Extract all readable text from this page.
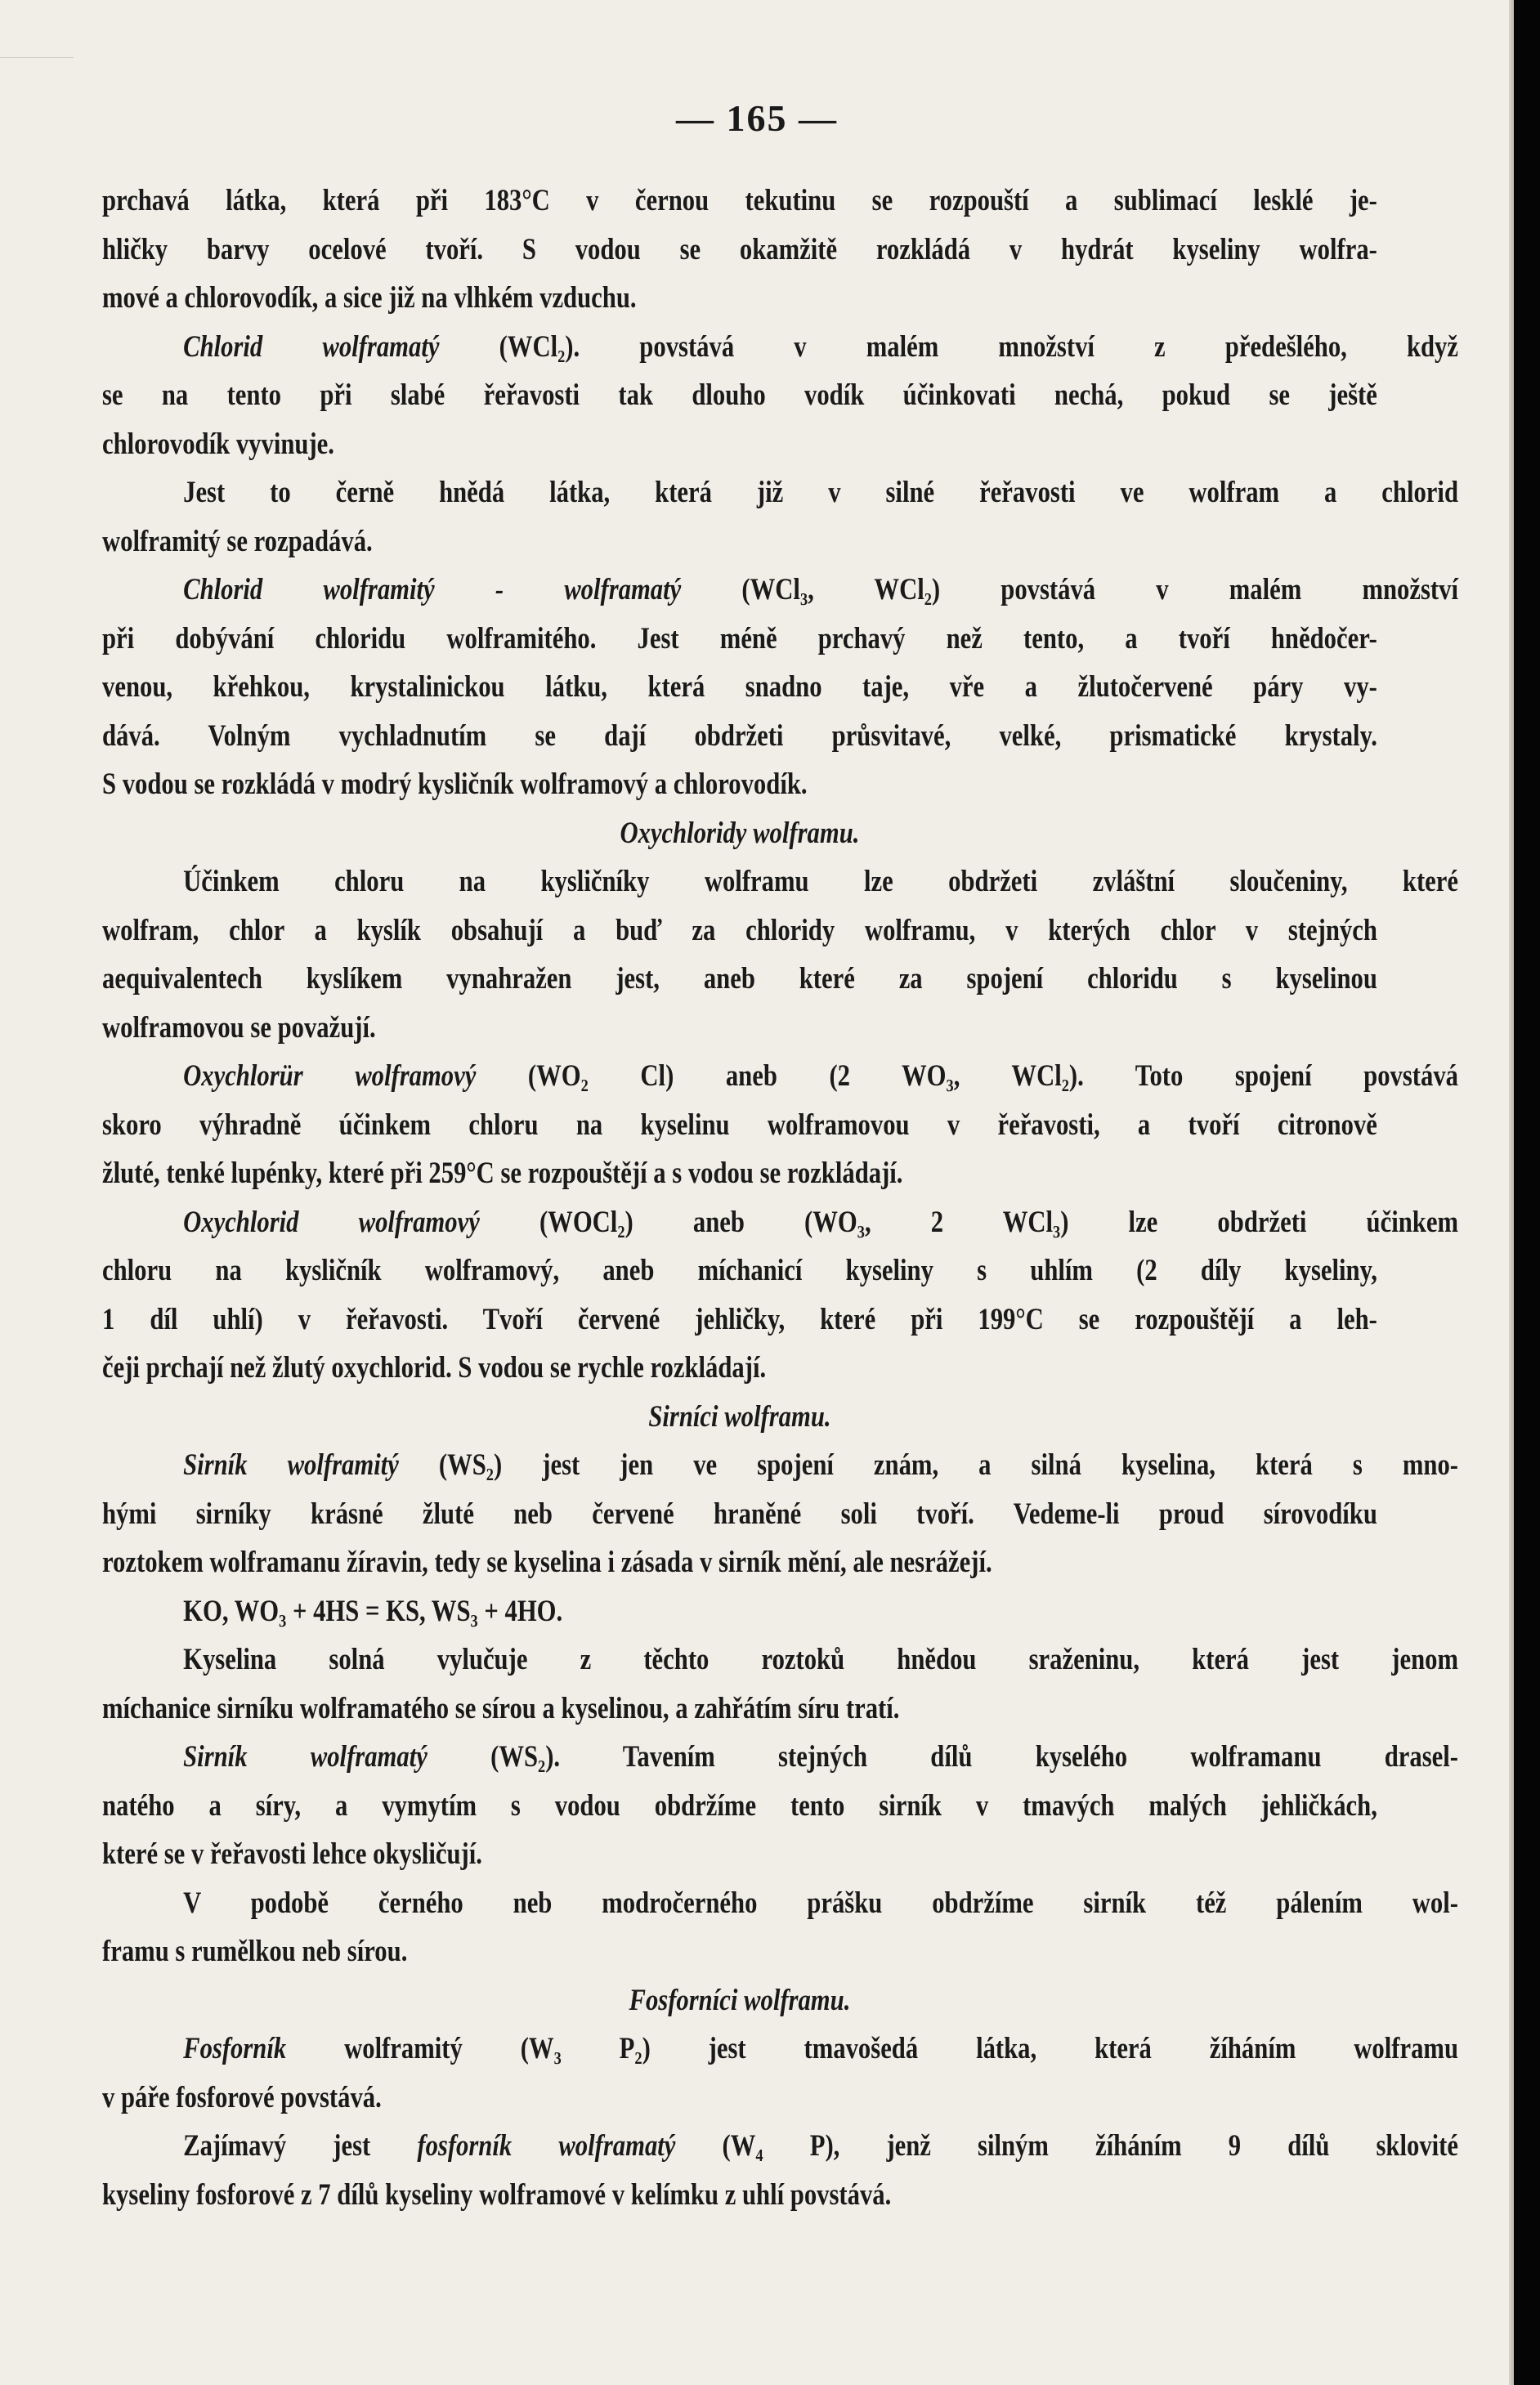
— 165 —
prchavá látka, která při 183°C v černou tekutinu se rozpouští a sublimací lesklé je-
hličky barvy ocelové tvoří. S vodou se okamžitě rozkládá v hydrát kyseliny wolfra-
mové a chlorovodík, a sice již na vlhkém vzduchu.
Chlorid wolframatý (WCl₂). povstává v malém množství z předešlého, když
se na tento při slabé řeřavosti tak dlouho vodík účinkovati nechá, pokud se ještě
chlorovodík vyvinuje.
Jest to černě hnědá látka, která již v silné řeřavosti ve wolfram a chlorid
wolframitý se rozpadává.
Chlorid wolframitý - wolframatý (WCl₃, WCl₂) povstává v malém množství
při dobývání chloridu wolframitého. Jest méně prchavý než tento, a tvoří hnědočer-
venou, křehkou, krystalinickou látku, která snadno taje, vře a žlutočervené páry vy-
dává. Volným vychladnutím se dají obdržeti průsvitavé, velké, prismatické krystaly.
S vodou se rozkládá v modrý kysličník wolframový a chlorovodík.
Oxychloridy wolframu.
Účinkem chloru na kysličníky wolframu lze obdržeti zvláštní sloučeniny, které
wolfram, chlor a kyslík obsahují a buď za chloridy wolframu, v kterých chlor v stejných
aequivalentech kyslíkem vynahražen jest, aneb které za spojení chloridu s kyselinou
wolframovou se považují.
Oxychlorür wolframový (WO₂ Cl) aneb (2 WO₃, WCl₂). Toto spojení povstává
skoro výhradně účinkem chloru na kyselinu wolframovou v řeřavosti, a tvoří citronově
žluté, tenké lupénky, které při 259°C se rozpouštějí a s vodou se rozkládají.
Oxychlorid wolframový (WOCl₂) aneb (WO₃, 2 WCl₃) lze obdržeti účinkem
chloru na kysličník wolframový, aneb míchanicí kyseliny s uhlím (2 díly kyseliny,
1 díl uhlí) v řeřavosti. Tvoří červené jehličky, které při 199°C se rozpouštějí a leh-
čeji prchají než žlutý oxychlorid. S vodou se rychle rozkládají.
Sirníci wolframu.
Sirník wolframitý (WS₂) jest jen ve spojení znám, a silná kyselina, která s mno-
hými sirníky krásné žluté neb červené hraněné soli tvoří. Vedeme-li proud sírovodíku
roztokem wolframanu žíravin, tedy se kyselina i zásada v sirník mění, ale nesrážejí.
KO, WO₃ + 4HS = KS, WS₃ + 4HO.
Kyselina solná vylučuje z těchto roztoků hnědou sraženinu, která jest jenom
míchanice sirníku wolframatého se sírou a kyselinou, a zahřátím síru tratí.
Sirník wolframatý (WS₂). Tavením stejných dílů kyselého wolframanu drasel-
natého a síry, a vymytím s vodou obdržíme tento sirník v tmavých malých jehličkách,
které se v řeřavosti lehce okysličují.
V podobě černého neb modročerného prášku obdržíme sirník též pálením wol-
framu s rumělkou neb sírou.
Fosforníci wolframu.
Fosforník wolframitý (W₃ P₂) jest tmavošedá látka, která žíháním wolframu
v páře fosforové povstává.
Zajímavý jest fosforník wolframatý (W₄ P), jenž silným žíháním 9 dílů sklovité
kyseliny fosforové z 7 dílů kyseliny wolframové v kelímku z uhlí povstává.
